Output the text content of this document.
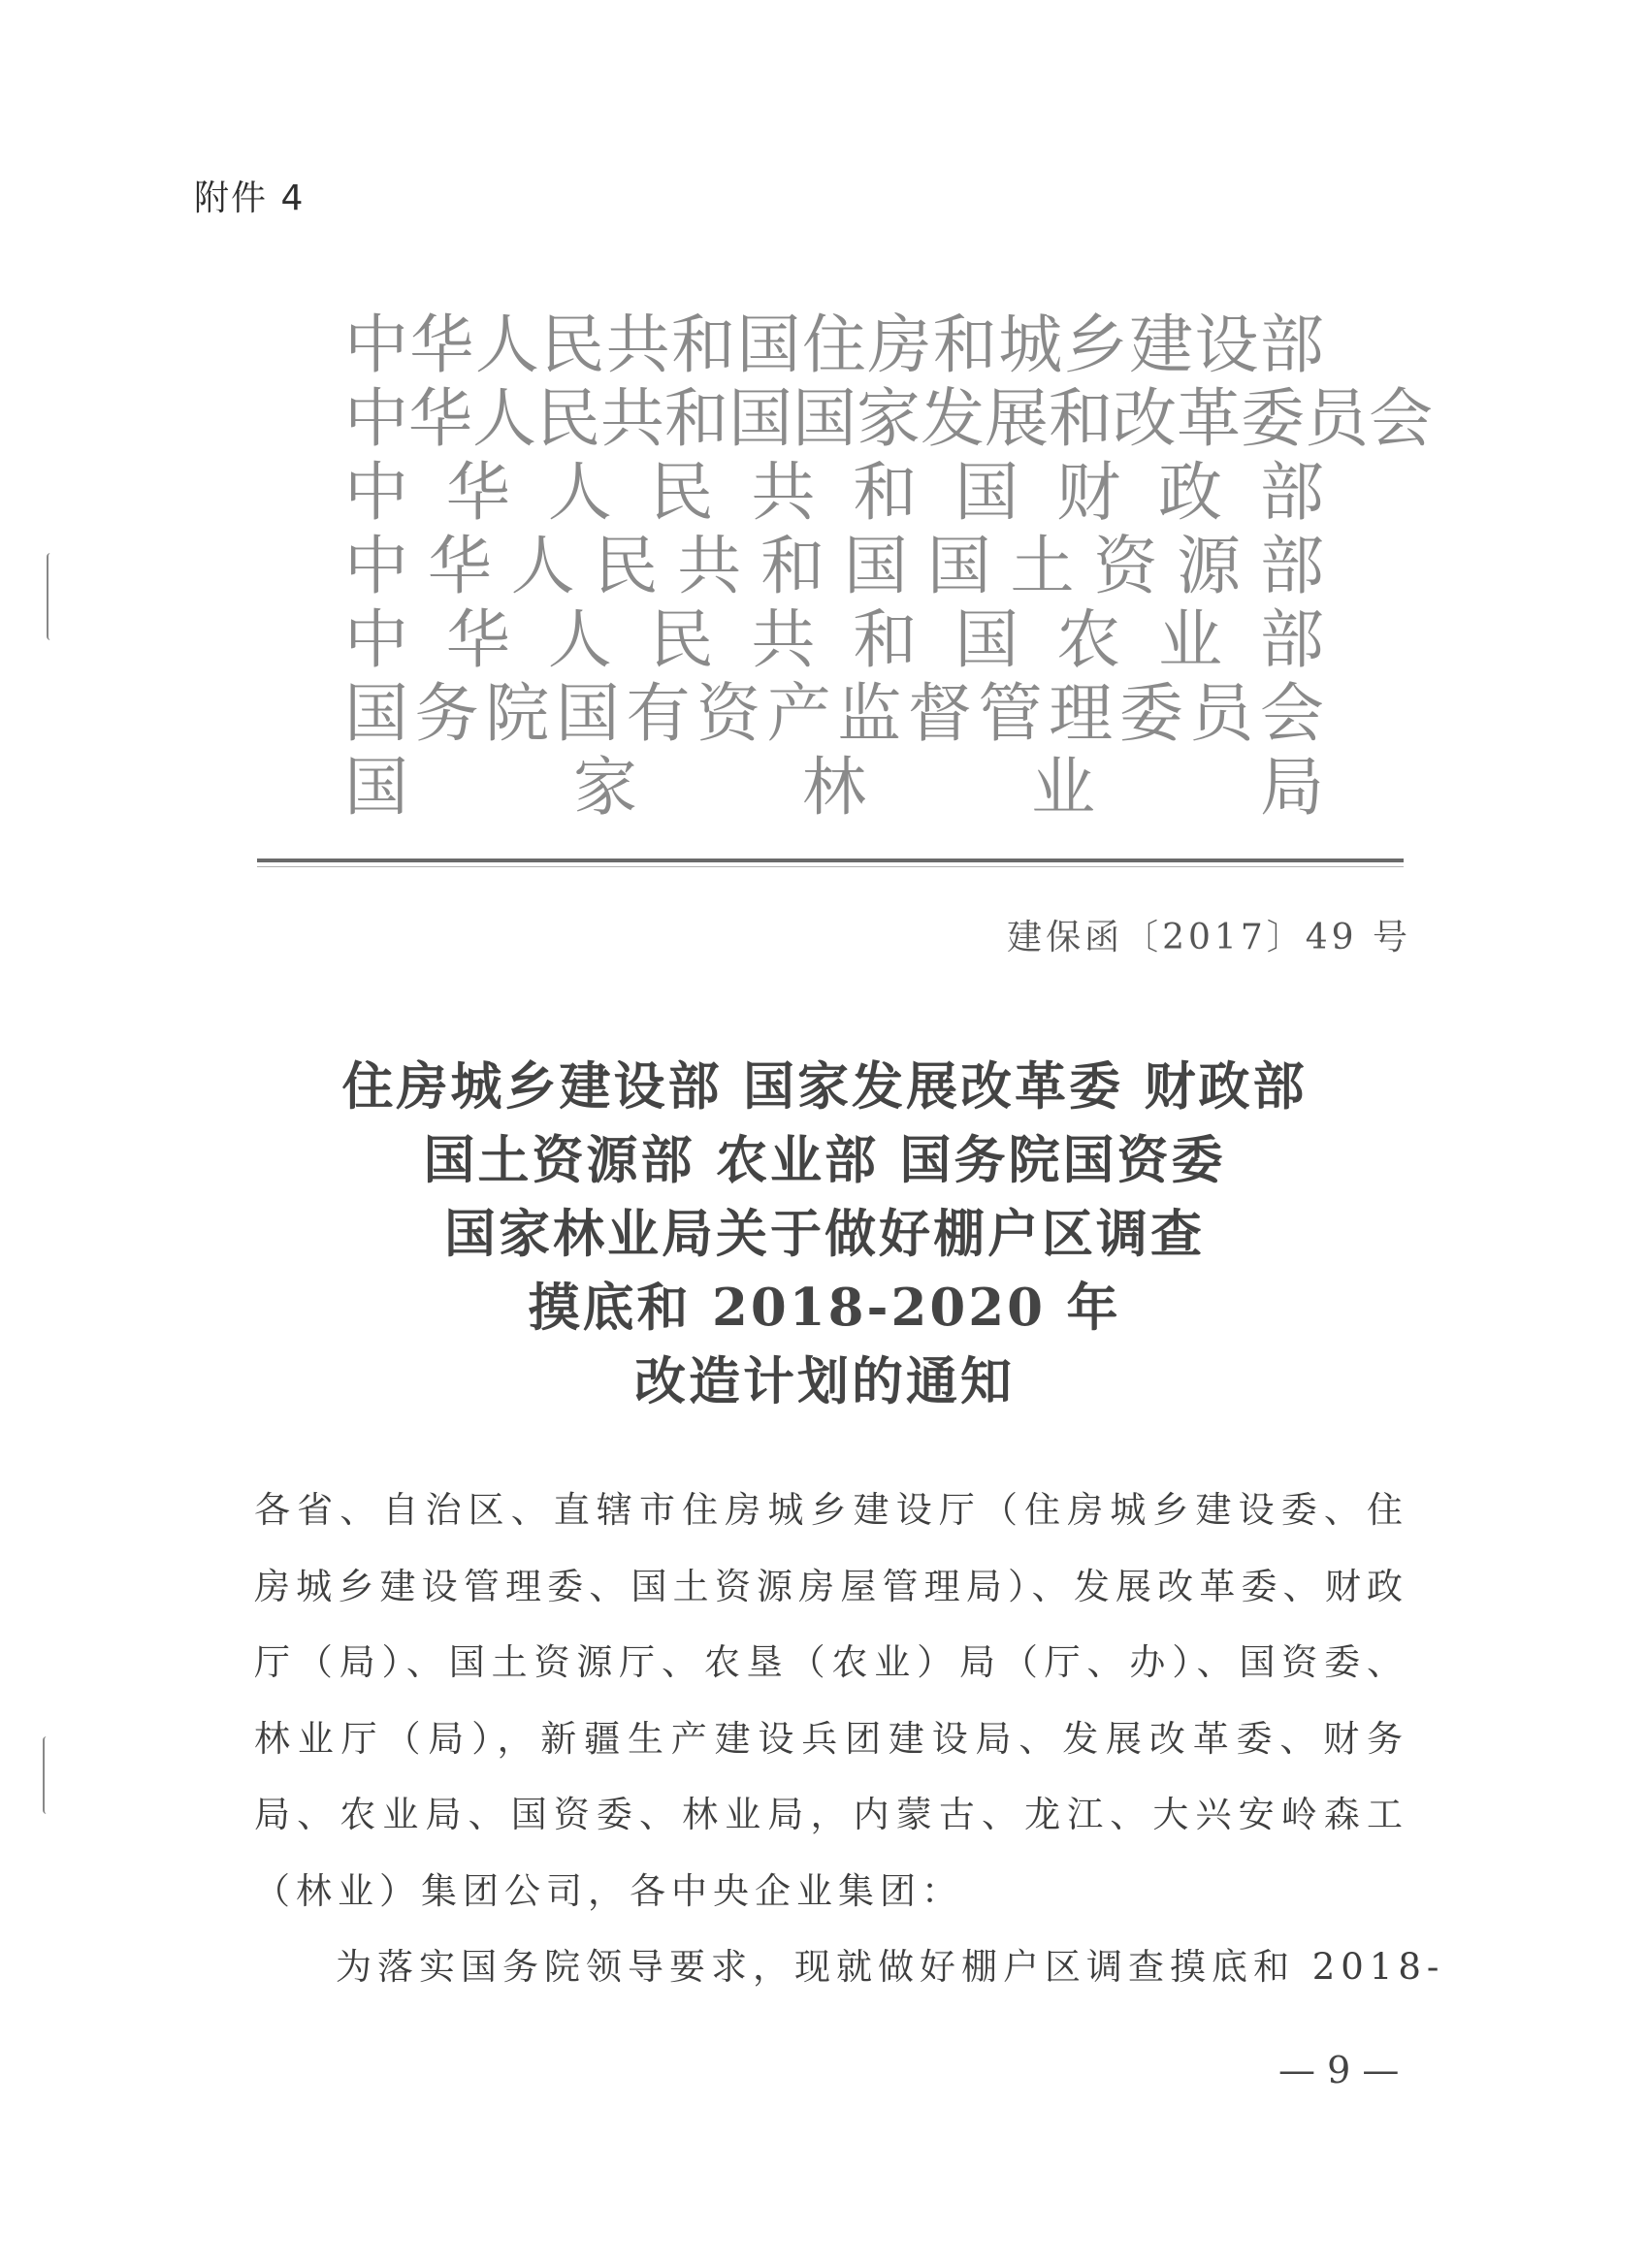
附件 4
中 华 人 民 共 和 国 住 房 和 城 乡 建 设 部
中 华 人 民 共 和 国 国 家 发 展 和 改 革 委 员 会
中 华 人 民 共 和 国 财 政 部
中 华 人 民 共 和 国 国 土 资 源 部
中 华 人 民 共 和 国 农 业 部
国 务 院 国 有 资 产 监 督 管 理 委 员 会
国	家	林	业	局
建保函〔2017〕49 号
住房城乡建设部 国家发展改革委 财政部
国土资源部 农业部 国务院国资委
国家林业局关于做好棚户区调查
摸底和 2018-2020 年
改造计划的通知
各省、自治区、直辖市住房城乡建设厅（住房城乡建设委、住
房城乡建设管理委、国土资源房屋管理局）、发展改革委、财政
厅（局）、国土资源厅、农垦（农业）局（厅、办）、国资委、
林业厅（局），新疆生产建设兵团建设局、发展改革委、财务
局、农业局、国资委、林业局，内蒙古、龙江、大兴安岭森工
（林业）集团公司，各中央企业集团：
为落实国务院领导要求，现就做好棚户区调查摸底和 2018-
— 9 —
